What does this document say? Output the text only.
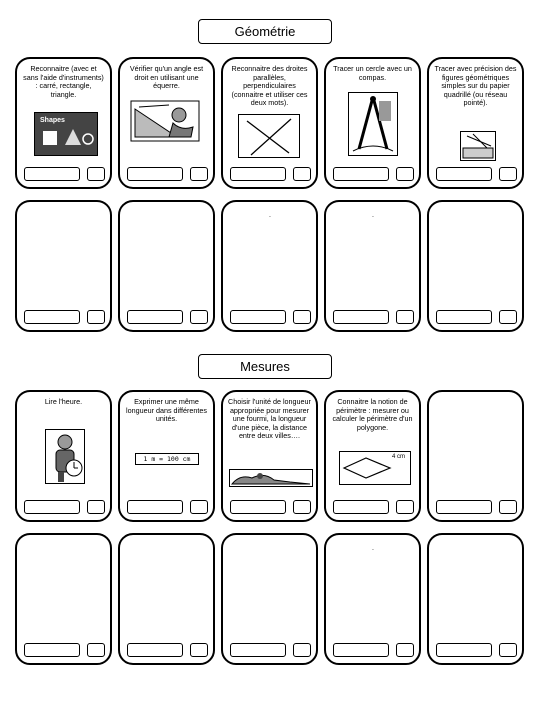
Géométrie
Reconnaitre (avec et sans l'aide d'instruments) : carré, rectangle, triangle.
Shapes
Vérifier qu'un angle est droit en utilisant une équerre.
Reconnaitre des droites parallèles, perpendiculaires (connaitre et utiliser ces deux mots).
Tracer un cercle avec un compas.
Tracer avec précision des figures géométriques simples sur du papier quadrillé (ou réseau pointé).
.	.
Mesures
Lire l'heure.	Exprimer une même longueur dans différentes unités.
1 m = 100 cm
Choisir l'unité de longueur appropriée pour mesurer une fourmi, la longueur d'une pièce, la distance entre deux villes….
Connaitre la notion de périmètre : mesurer ou calculer le périmètre d'un polygone.
4 cm
.
